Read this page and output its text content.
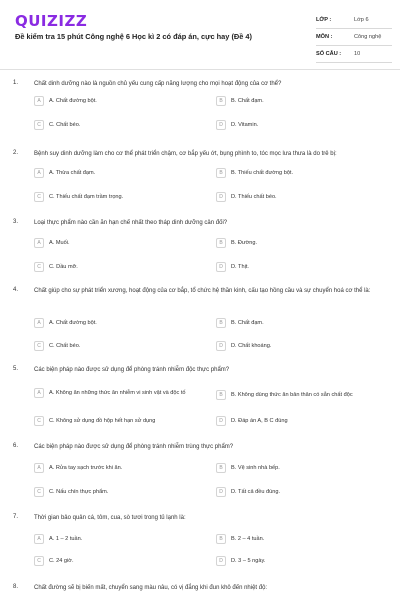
QUIZIZZ
Đề kiểm tra 15 phút Công nghệ 6 Học kì 2 có đáp án, cực hay (Đề 4)
LỚP :	Lớp 6
MÔN :	Công nghệ
SỐ CÂU :	10
1.	Chất dinh dưỡng nào là nguồn chủ yếu cung cấp năng lượng cho mọi hoạt động của cơ thể?
A	A. Chất đường bột.	B	B. Chất đạm.
C	C. Chất béo.	D	D. Vitamin.
2.	Bệnh suy dinh dưỡng làm cho cơ thể phát triển chậm, cơ bắp yếu ớt, bụng phình to, tóc mọc lưa thưa là do trẻ bị:
A	A. Thừa chất đạm.	B	B. Thiếu chất đường bột.
C	C. Thiếu chất đạm trầm trọng.	D	D. Thiếu chất béo.
3.	Loại thực phẩm nào cần ăn hạn chế nhất theo tháp dinh dưỡng cân đối?
A	A. Muối.	B	B. Đường.
C	C. Dầu mỡ.	D	D. Thịt.
4.	Chất giúp cho sự phát triển xương, hoạt động của cơ bắp, tổ chức hệ thần kinh, cấu tạo hồng cầu và sự chuyển hoá cơ thể là:
A	A. Chất đường bột.	B	B. Chất đạm.
C	C. Chất béo.	D	D. Chất khoáng.
5.	Các biện pháp nào được sử dụng để phòng tránh nhiễm độc thực phẩm?
A	A. Không ăn những thức ăn nhiễm vi sinh vật và độc tố	B	B. Không dùng thức ăn bản thân có sẵn chất độc
C	C. Không sử dụng đồ hộp hết hạn sử dụng	D	D. Đáp án A, B C đúng
6.	Các biện pháp nào được sử dụng để phòng tránh nhiễm trùng thực phẩm?
A	A. Rửa tay sạch trước khi ăn.	B	B. Vệ sinh nhà bếp.
C	C. Nấu chín thực phẩm.	D	D. Tất cả đều đúng.
7.	Thời gian bảo quản cá, tôm, cua, sò tươi trong tủ lạnh là:
A	A. 1 – 2 tuần.	B	B. 2 – 4 tuần.
C	C. 24 giờ.	D	D. 3 – 5 ngày.
8.	Chất đường sẽ bị biến mất, chuyển sang màu nâu, có vị đắng khi đun khô đến nhiệt độ:
